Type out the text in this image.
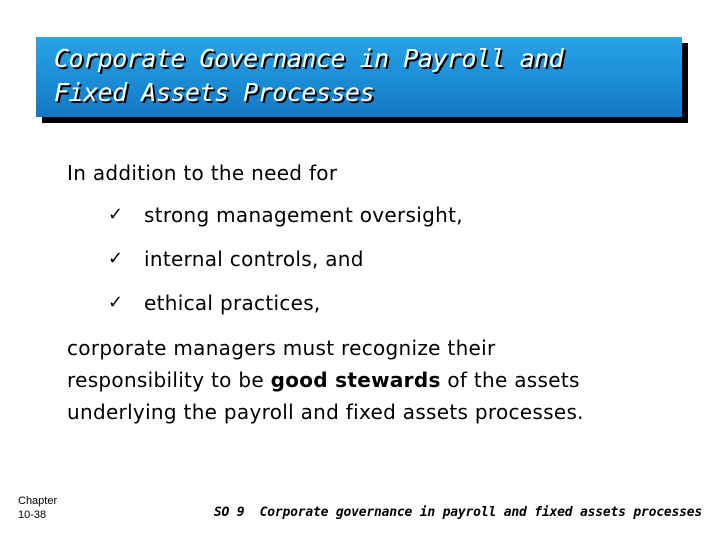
Corporate Governance in Payroll and
Fixed Assets Processes
In addition to the need for
✓ strong management oversight,
✓ internal controls, and
✓ ethical practices,
corporate managers must recognize their
responsibility to be good stewards of the assets
underlying the payroll and fixed assets processes.
Chapter
10-38	SO 9 Corporate governance in payroll and fixed assets processes
